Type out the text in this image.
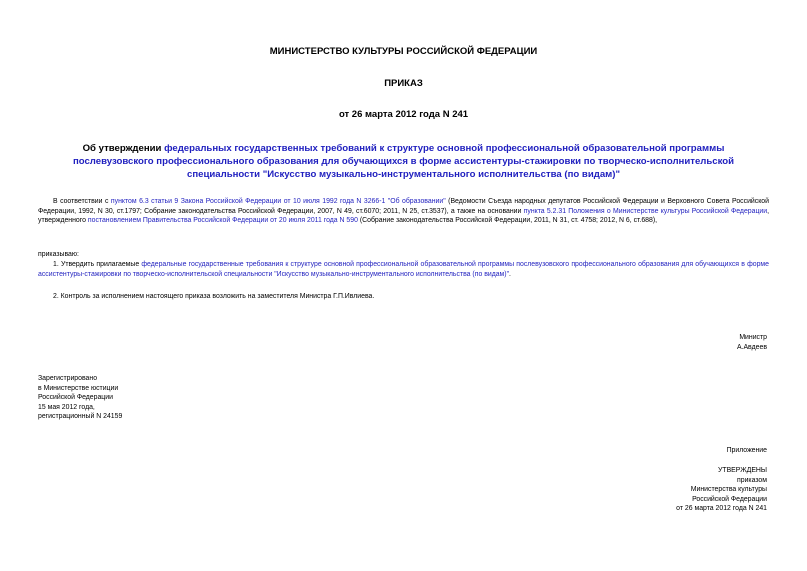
МИНИСТЕРСТВО КУЛЬТУРЫ РОССИЙСКОЙ ФЕДЕРАЦИИ
ПРИКАЗ
от 26 марта 2012 года N 241
Об утверждении федеральных государственных требований к структуре основной профессиональной образовательной программы послевузовского профессионального образования для обучающихся в форме ассистентуры-стажировки по творческо-исполнительской специальности "Искусство музыкально-инструментального исполнительства (по видам)"
В соответствии с пунктом 6.3 статьи 9 Закона Российской Федерации от 10 июля 1992 года N 3266-1 "Об образовании" (Ведомости Съезда народных депутатов Российской Федерации и Верховного Совета Российской Федерации, 1992, N 30, ст.1797; Собрание законодательства Российской Федерации, 2007, N 49, ст.6070; 2011, N 25, ст.3537), а также на основании пункта 5.2.31 Положения о Министерстве культуры Российской Федерации, утвержденного постановлением Правительства Российской Федерации от 20 июля 2011 года N 590 (Собрание законодательства Российской Федерации, 2011, N 31, ст. 4758; 2012, N 6, ст.688),
приказываю:
1. Утвердить прилагаемые федеральные государственные требования к структуре основной профессиональной образовательной программы послевузовского профессионального образования для обучающихся в форме ассистентуры-стажировки по творческо-исполнительской специальности "Искусство музыкально-инструментального исполнительства (по видам)".
2. Контроль за исполнением настоящего приказа возложить на заместителя Министра Г.П.Ивлиева.

Министр

А.Авдеев

Зарегистрировано

в Министерстве юстиции

Российской Федерации

15 мая 2012 года,

регистрационный N 24159

Приложение

УТВЕРЖДЕНЫ

приказом

Министерства культуры

Российской Федерации

от 26 марта 2012 года N 241
